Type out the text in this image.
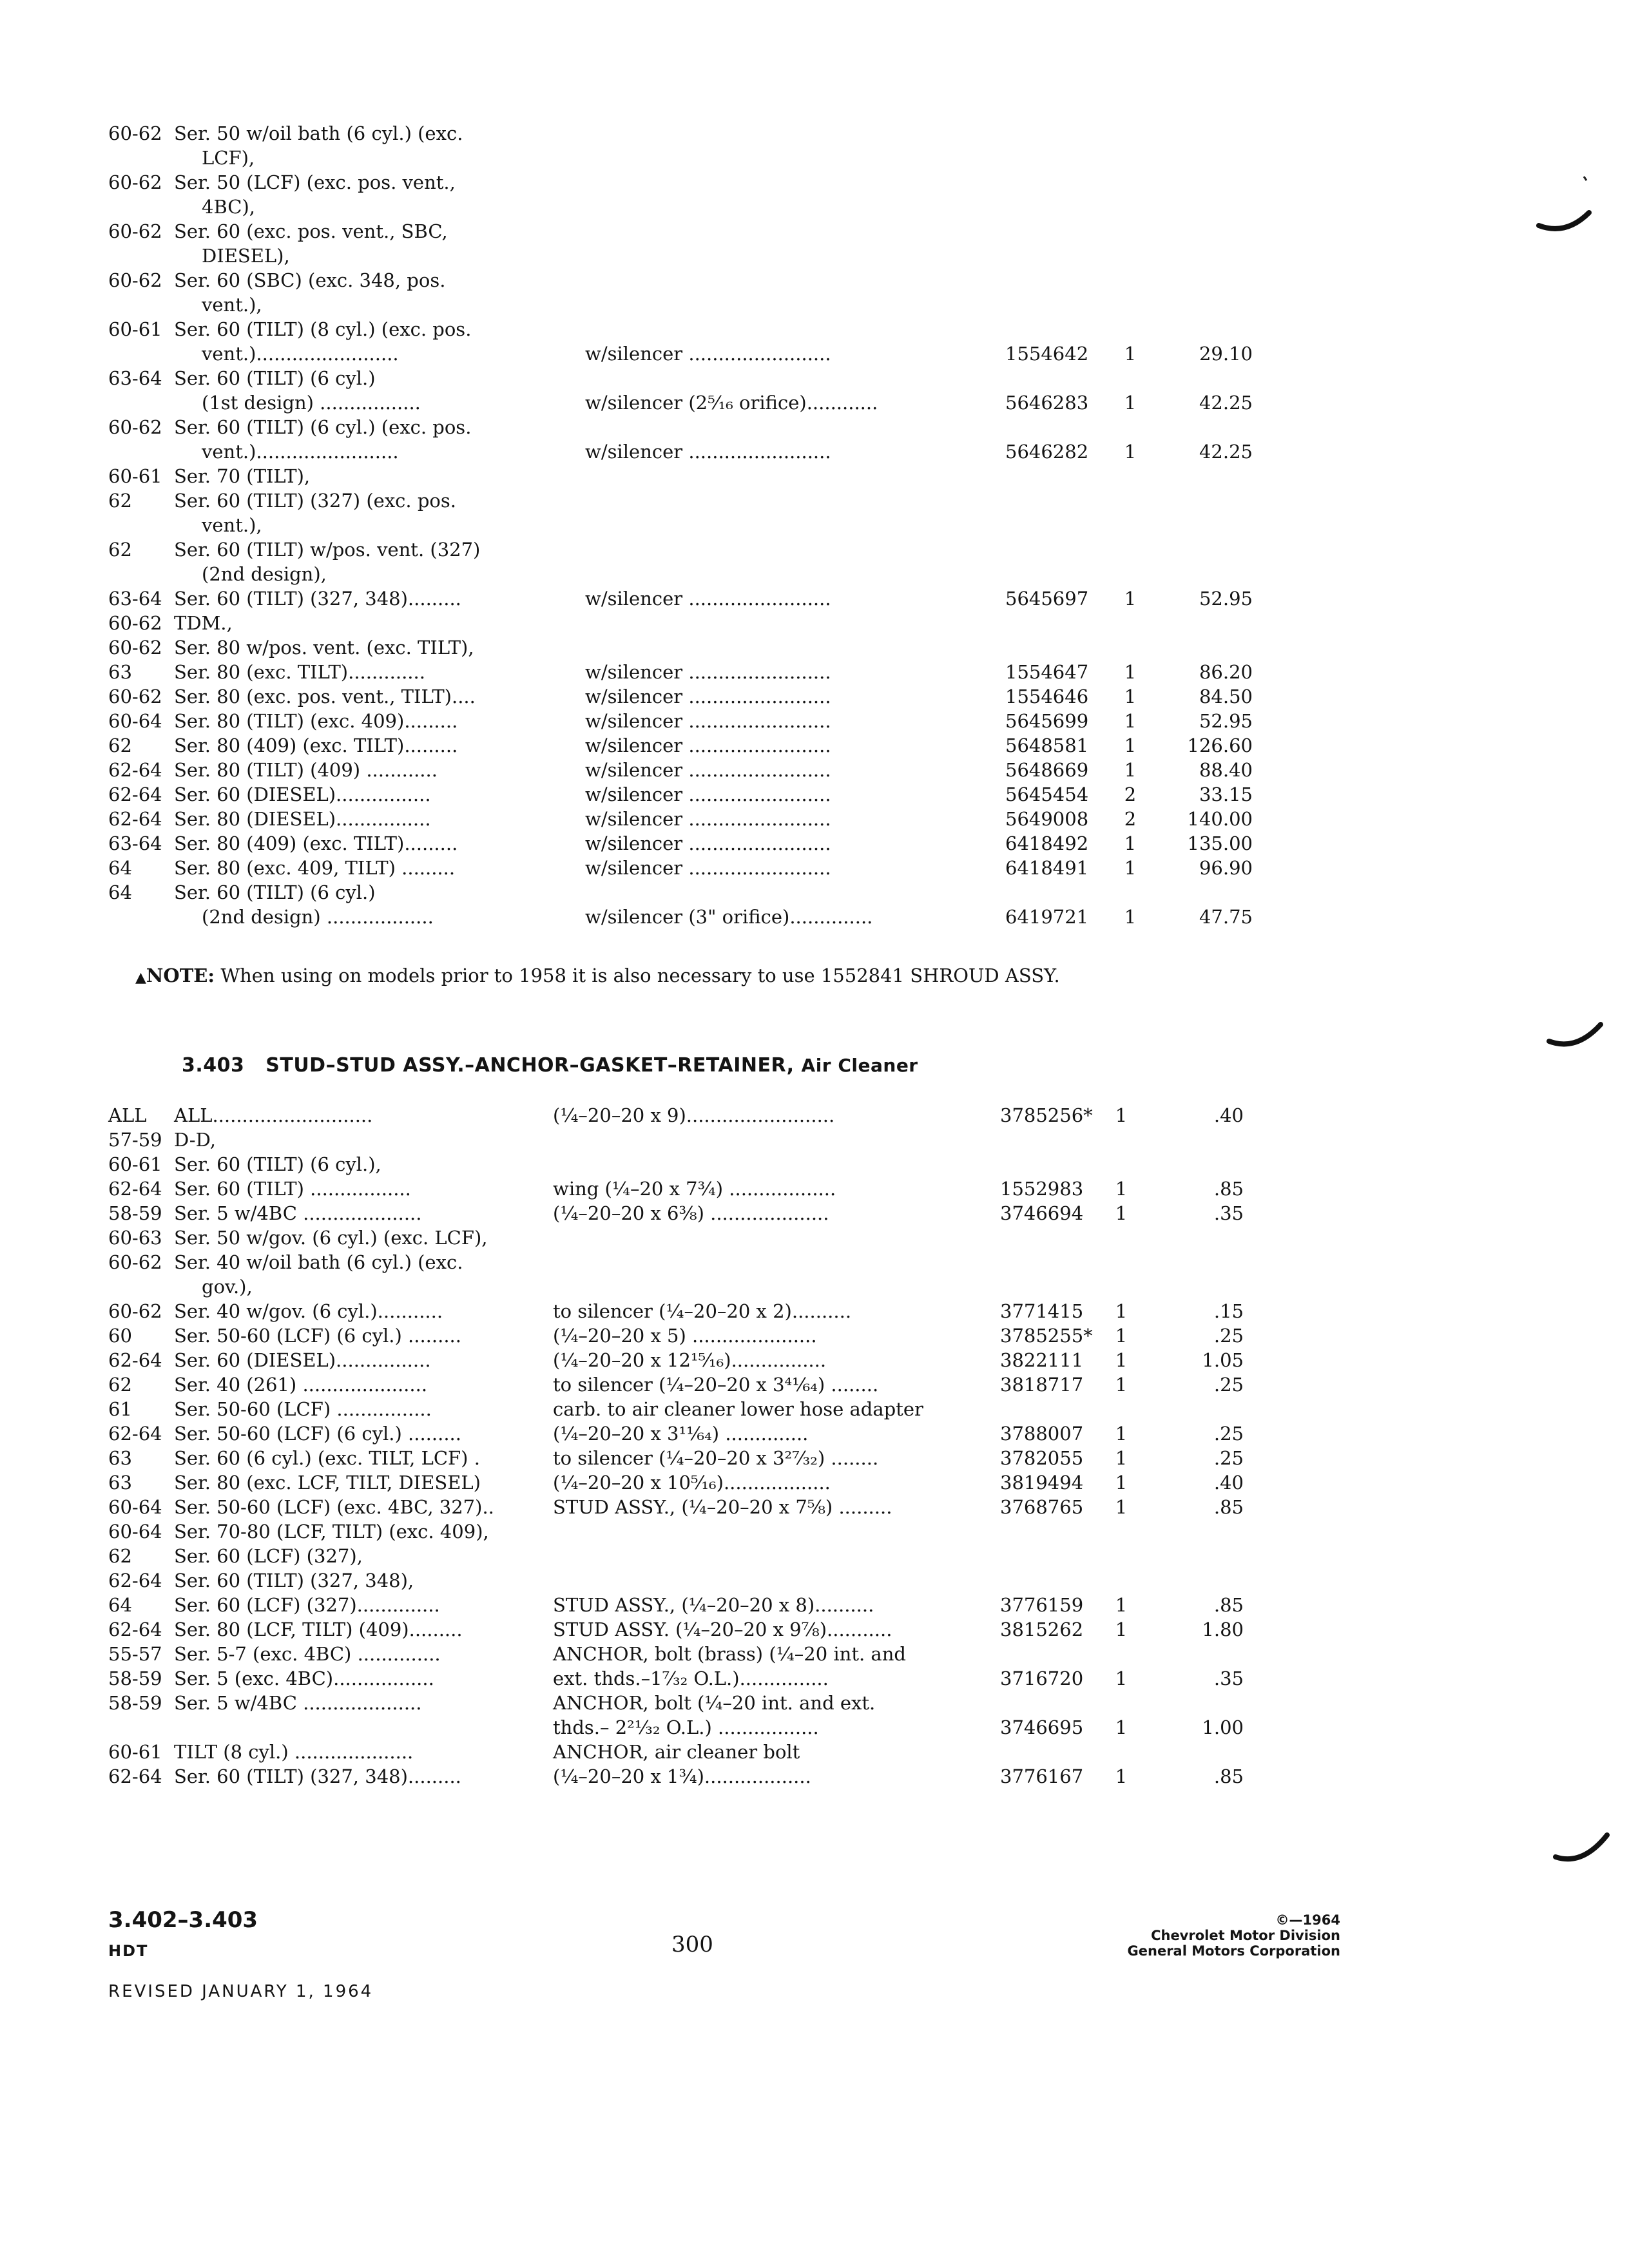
60-62 Ser. 50 w/oil bath (6 cyl.) (exc.
LCF),
60-62 Ser. 50 (LCF) (exc. pos. vent.,
4BC),
60-62 Ser. 60 (exc. pos. vent., SBC,
DIESEL),
60-62 Ser. 60 (SBC) (exc. 348, pos.
vent.),
60-61 Ser. 60 (TILT) (8 cyl.) (exc. pos.
vent.)........................	w/silencer ........................	1554642	1	29.10
63-64 Ser. 60 (TILT) (6 cyl.)
(1st design) .................	w/silencer (2⁵⁄₁₆ orifice)............	5646283	1	42.25
60-62 Ser. 60 (TILT) (6 cyl.) (exc. pos.
vent.)........................	w/silencer ........................	5646282	1	42.25
60-61 Ser. 70 (TILT),
62 Ser. 60 (TILT) (327) (exc. pos.
vent.),
62 Ser. 60 (TILT) w/pos. vent. (327)
(2nd design),
63-64 Ser. 60 (TILT) (327, 348).........	w/silencer ........................	5645697	1	52.95
60-62 TDM.,
60-62 Ser. 80 w/pos. vent. (exc. TILT),
63 Ser. 80 (exc. TILT).............	w/silencer ........................	1554647	1	86.20
60-62 Ser. 80 (exc. pos. vent., TILT)....	w/silencer ........................	1554646	1	84.50
60-64 Ser. 80 (TILT) (exc. 409).........	w/silencer ........................	5645699	1	52.95
62 Ser. 80 (409) (exc. TILT).........	w/silencer ........................	5648581	1	126.60
62-64 Ser. 80 (TILT) (409) ............	w/silencer ........................	5648669	1	88.40
62-64 Ser. 60 (DIESEL)................	w/silencer ........................	5645454	2	33.15
62-64 Ser. 80 (DIESEL)................	w/silencer ........................	5649008	2	140.00
63-64 Ser. 80 (409) (exc. TILT).........	w/silencer ........................	6418492	1	135.00
64 Ser. 80 (exc. 409, TILT) .........	w/silencer ........................	6418491	1	96.90
64 Ser. 60 (TILT) (6 cyl.)
(2nd design) ..................	w/silencer (3" orifice)..............	6419721	1	47.75
▲NOTE: When using on models prior to 1958 it is also necessary to use 1552841 SHROUD ASSY.
3.403 STUD–STUD ASSY.–ANCHOR–GASKET–RETAINER, Air Cleaner
ALL ALL...........................	(¼–20–20 x 9).........................	3785256*	1	.40
57-59 D-D,
60-61 Ser. 60 (TILT) (6 cyl.),
62-64 Ser. 60 (TILT) .................	wing (¼–20 x 7¾) ..................	1552983	1	.85
58-59 Ser. 5 w/4BC ....................	(¼–20–20 x 6⅜) ....................	3746694	1	.35
60-63 Ser. 50 w/gov. (6 cyl.) (exc. LCF),
60-62 Ser. 40 w/oil bath (6 cyl.) (exc.
gov.),
60-62 Ser. 40 w/gov. (6 cyl.)...........	to silencer (¼–20–20 x 2)..........	3771415	1	.15
60 Ser. 50-60 (LCF) (6 cyl.) .........	(¼–20–20 x 5) .....................	3785255*	1	.25
62-64 Ser. 60 (DIESEL)................	(¼–20–20 x 12¹⁵⁄₁₆)................	3822111	1	1.05
62 Ser. 40 (261) .....................	to silencer (¼–20–20 x 3⁴¹⁄₆₄) ........	3818717	1	.25
61 Ser. 50-60 (LCF) ................	carb. to air cleaner lower hose adapter
62-64 Ser. 50-60 (LCF) (6 cyl.) .........	(¼–20–20 x 3¹¹⁄₆₄) ..............	3788007	1	.25
63 Ser. 60 (6 cyl.) (exc. TILT, LCF) .	to silencer (¼–20–20 x 3²⁷⁄₃₂) ........	3782055	1	.25
63 Ser. 80 (exc. LCF, TILT, DIESEL)	(¼–20–20 x 10⁵⁄₁₆)..................	3819494	1	.40
60-64 Ser. 50-60 (LCF) (exc. 4BC, 327)..	STUD ASSY., (¼–20–20 x 7⅝) .........	3768765	1	.85
60-64 Ser. 70-80 (LCF, TILT) (exc. 409),
62 Ser. 60 (LCF) (327),
62-64 Ser. 60 (TILT) (327, 348),
64 Ser. 60 (LCF) (327)..............	STUD ASSY., (¼–20–20 x 8)..........	3776159	1	.85
62-64 Ser. 80 (LCF, TILT) (409).........	STUD ASSY. (¼–20–20 x 9⅞)...........	3815262	1	1.80
55-57 Ser. 5-7 (exc. 4BC) ..............	ANCHOR, bolt (brass) (¼–20 int. and
58-59 Ser. 5 (exc. 4BC).................	ext. thds.–1⁷⁄₃₂ O.L.)...............	3716720	1	.35
58-59 Ser. 5 w/4BC ....................	ANCHOR, bolt (¼–20 int. and ext.
thds.– 2²¹⁄₃₂ O.L.) .................	3746695	1	1.00
60-61 TILT (8 cyl.) ....................	ANCHOR, air cleaner bolt
62-64 Ser. 60 (TILT) (327, 348).........	(¼–20–20 x 1¾)..................	3776167	1	.85
3.402–3.403
HDT
REVISED JANUARY 1, 1964
300
©—1964
Chevrolet Motor Division
General Motors Corporation
